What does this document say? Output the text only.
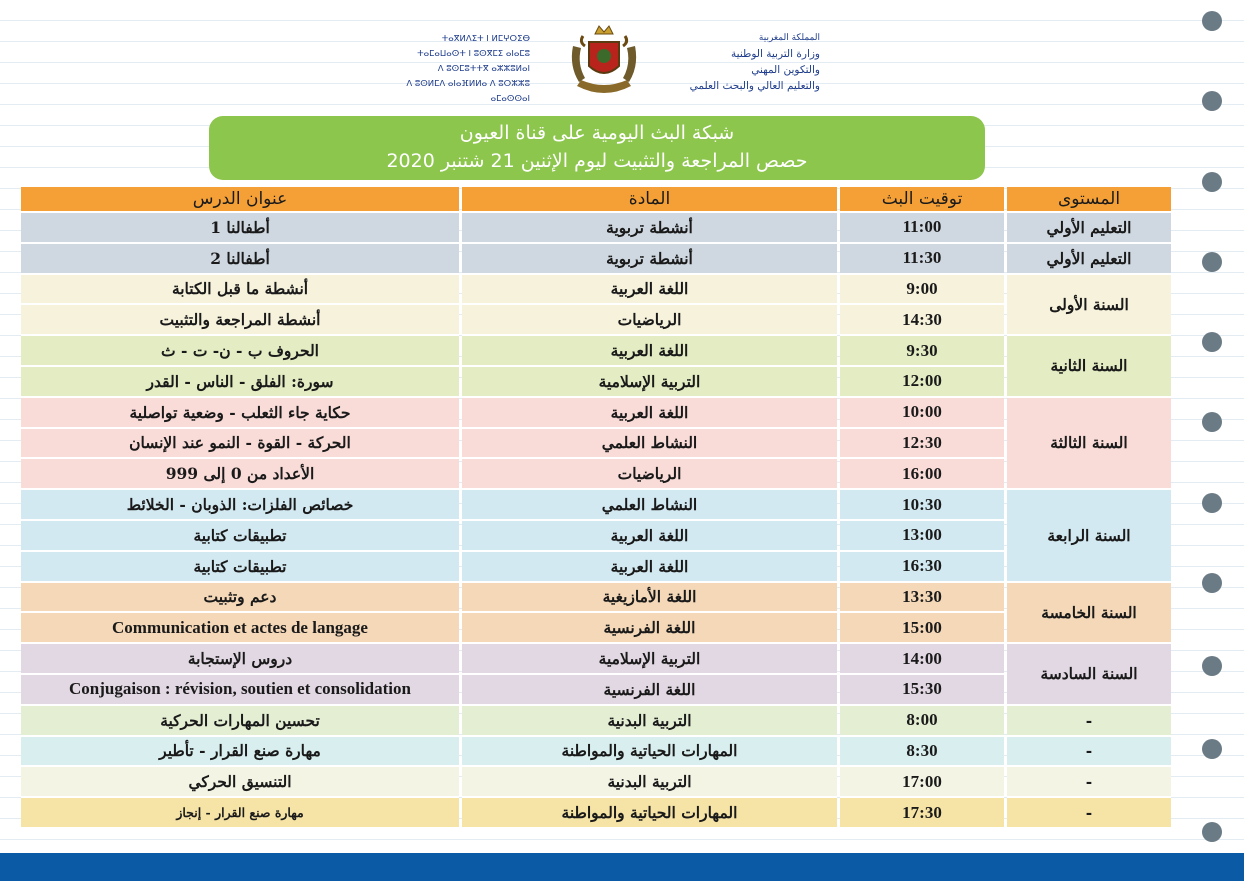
ⵜⴰⴳⵍⴷⵉⵜ ⵏ ⵍⵎⵖⵔⵉⴱ
ⵜⴰⵎⴰⵡⴰⵙⵜ ⵏ ⵓⵙⴳⵎⵉ ⴰⵏⴰⵎⵓ
ⴷ ⵓⵙⵎⵓⵜⵜⴳ ⴰⵣⵣⵓⵍⴰⵏ
ⴷ ⵓⵙⵍⵎⴷ ⴰⵏⴰⴼⵍⵍⴰ ⴷ ⵓⵔⵣⵣⵓ ⴰⵎⴰⵙⵙⴰⵏ
المملكة المغربية
وزارة التربية الوطنية
والتكوين المهني
والتعليم العالي والبحث العلمي
شبكة البث اليومية على قناة العيون
حصص المراجعة والتثبيت ليوم الإثنين 21 شتنبر 2020
عنوان الدرس	المادة	توقيت البث	المستوى
أطفالنا 1	أنشطة تربوية	11:00	التعليم الأولي
أطفالنا 2	أنشطة تربوية	11:30	التعليم الأولي
أنشطة ما قبل الكتابة	اللغة العربية	9:00	السنة الأولى
أنشطة المراجعة والتثبيت	الرياضيات	14:30	
الحروف ب - ن- ت - ث	اللغة العربية	9:30	السنة الثانية
سورة: الفلق - الناس - القدر	التربية الإسلامية	12:00	
حكاية جاء الثعلب - وضعية تواصلية	اللغة العربية	10:00	السنة الثالثة
الحركة - القوة - النمو عند الإنسان	النشاط العلمي	12:30	
الأعداد من 0 إلى 999	الرياضيات	16:00	
خصائص الفلزات: الذوبان - الخلائط	النشاط العلمي	10:30	السنة الرابعة
تطبيقات كتابية	اللغة العربية	13:00	
تطبيقات كتابية	اللغة العربية	16:30	
دعم وتثبيت	اللغة الأمازيغية	13:30	السنة الخامسة
Communication et actes de langage	اللغة الفرنسية	15:00	
دروس الإستجابة	التربية الإسلامية	14:00	السنة السادسة
Conjugaison : révision, soutien et consolidation	اللغة الفرنسية	15:30	
تحسين المهارات الحركية	التربية البدنية	8:00	-
مهارة صنع القرار - تأطير	المهارات الحياتية والمواطنة	8:30	-
التنسيق الحركي	التربية البدنية	17:00	-
مهارة صنع القرار - إنجاز	المهارات الحياتية والمواطنة	17:30	-
